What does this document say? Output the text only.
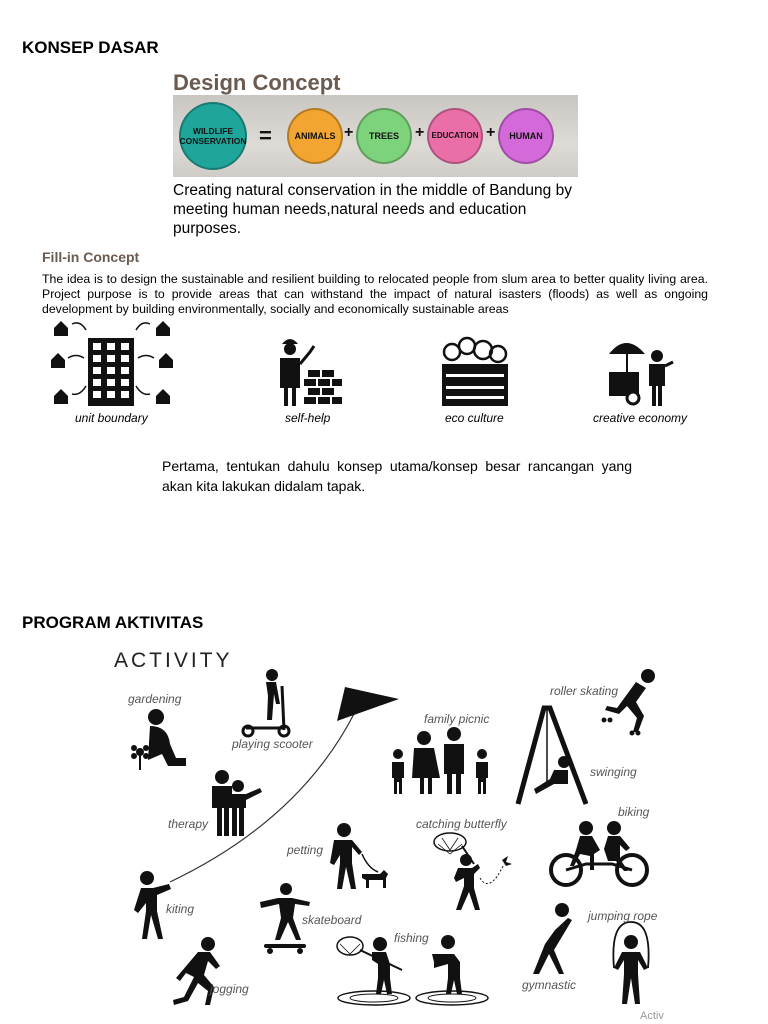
KONSEP DASAR
Design Concept
WILDLIFE CONSERVATION =	ANIMALS +	TREES	+ EDUCATION +	HUMAN
Creating natural conservation in the middle of Bandung by meeting human needs,natural needs and education purposes.
Fill-in Concept
The idea is to design the sustainable and resilient building to relocated people from slum area to better quality living area. Project purpose is to provide areas that can withstand the impact of natural isasters (floods) as well as ongoing development by building environmentally, socially and economically sustainable areas
unit boundary	self-help	eco culture	creative economy
Pertama, tentukan dahulu konsep utama/konsep besar rancangan yang akan kita lakukan didalam tapak.
PROGRAM AKTIVITAS
ACTIVITY
gardening
playing scooter
family picnic
roller skating
swinging
biking
therapy
petting
catching butterfly
kiting
skateboard
fishing
jumping rope
gymnastic
jogging
Activ
